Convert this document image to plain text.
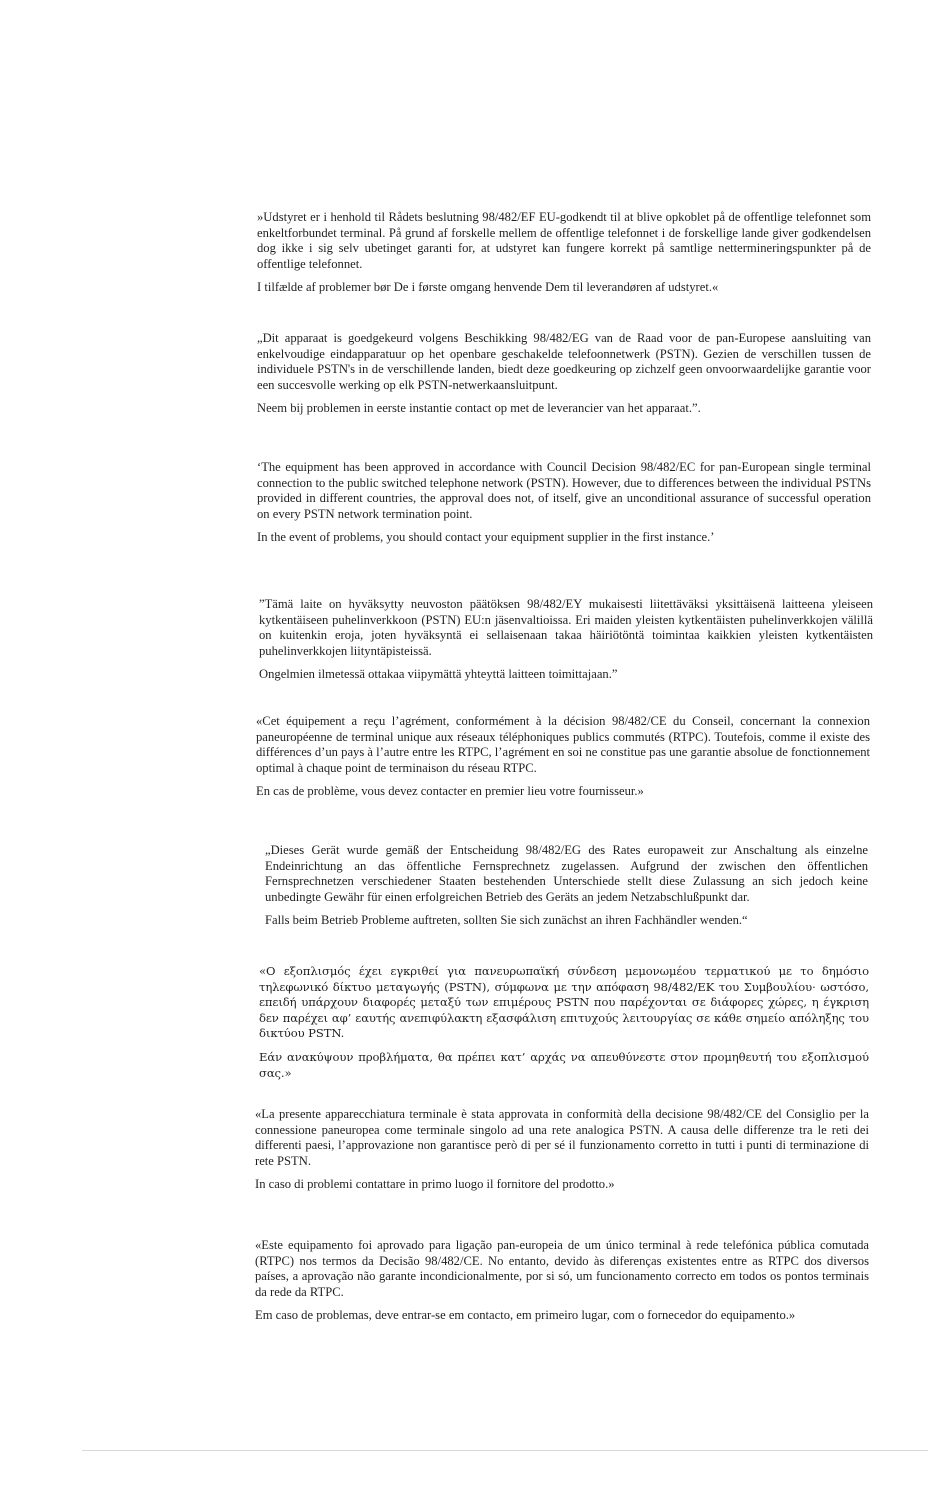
»Udstyret er i henhold til Rådets beslutning 98/482/EF EU-godkendt til at blive opkoblet på de offentlige telefonnet som enkeltforbundet terminal. På grund af forskelle mellem de offentlige telefonnet i de forskellige lande giver godkendelsen dog ikke i sig selv ubetinget garanti for, at udstyret kan fungere korrekt på samtlige nettermineringspunkter på de offentlige telefonnet.

I tilfælde af problemer bør De i første omgang henvende Dem til leverandøren af udstyret.«

„Dit apparaat is goedgekeurd volgens Beschikking 98/482/EG van de Raad voor de pan-Europese aansluiting van enkelvoudige eindapparatuur op het openbare geschakelde telefoonnetwerk (PSTN). Gezien de verschillen tussen de individuele PSTN's in de verschillende landen, biedt deze goedkeuring op zichzelf geen onvoorwaardelijke garantie voor een succesvolle werking op elk PSTN-netwerkaansluitpunt.

Neem bij problemen in eerste instantie contact op met de leverancier van het apparaat.”.

‘The equipment has been approved in accordance with Council Decision 98/482/EC for pan-European single terminal connection to the public switched telephone network (PSTN). However, due to differences between the individual PSTNs provided in different countries, the approval does not, of itself, give an unconditional assurance of successful operation on every PSTN network termination point.

In the event of problems, you should contact your equipment supplier in the first instance.’

”Tämä laite on hyväksytty neuvoston päätöksen 98/482/EY mukaisesti liitettäväksi yksittäisenä laitteena yleiseen kytkentäiseen puhelinverkkoon (PSTN) EU:n jäsenvaltioissa. Eri maiden yleisten kytkentäisten puhelinverkkojen välillä on kuitenkin eroja, joten hyväksyntä ei sellaisenaan takaa häiriötöntä toimintaa kaikkien yleisten kytkentäisten puhelinverkkojen liityntäpisteissä.

Ongelmien ilmetessä ottakaa viipymättä yhteyttä laitteen toimittajaan.”

«Cet équipement a reçu l’agrément, conformément à la décision 98/482/CE du Conseil, concernant la connexion paneuropéenne de terminal unique aux réseaux téléphoniques publics commutés (RTPC). Toutefois, comme il existe des différences d’un pays à l’autre entre les RTPC, l’agrément en soi ne constitue pas une garantie absolue de fonctionnement optimal à chaque point de terminaison du réseau RTPC.

En cas de problème, vous devez contacter en premier lieu votre fournisseur.»

„Dieses Gerät wurde gemäß der Entscheidung 98/482/EG des Rates europaweit zur Anschaltung als einzelne Endeinrichtung an das öffentliche Fernsprechnetz zugelassen. Aufgrund der zwischen den öffentlichen Fernsprechnetzen verschiedener Staaten bestehenden Unterschiede stellt diese Zulassung an sich jedoch keine unbedingte Gewähr für einen erfolgreichen Betrieb des Geräts an jedem Netzabschlußpunkt dar.

Falls beim Betrieb Probleme auftreten, sollten Sie sich zunächst an ihren Fachhändler wenden.“

«Ο εξοπλισμός έχει εγκριθεί για πανευρωπαϊκή σύνδεση μεμονωμέου τερματικού με το δημόσιο τηλεφωνικό δίκτυο μεταγωγής (PSTN), σύμφωνα με την απόφαση 98/482/ΕΚ του Συμβουλίου· ωστόσο, επειδή υπάρχουν διαφορές μεταξύ των επιμέρους PSTN που παρέχονται σε διάφορες χώρες, η έγκριση δεν παρέχει αφ’ εαυτής ανεπιφύλακτη εξασφάλιση επιτυχούς λειτουργίας σε κάθε σημείο απόληξης του δικτύου PSTN.

Εάν ανακύψουν προβλήματα, θα πρέπει κατ’ αρχάς να απευθύνεστε στον προμηθευτή του εξοπλισμού σας.»

«La presente apparecchiatura terminale è stata approvata in conformità della decisione 98/482/CE del Consiglio per la connessione paneuropea come terminale singolo ad una rete analogica PSTN. A causa delle differenze tra le reti dei differenti paesi, l’approvazione non garantisce però di per sé il funzionamento corretto in tutti i punti di terminazione di rete PSTN.

In caso di problemi contattare in primo luogo il fornitore del prodotto.»

«Este equipamento foi aprovado para ligação pan-europeia de um único terminal à rede telefónica pública comutada (RTPC) nos termos da Decisão 98/482/CE. No entanto, devido às diferenças existentes entre as RTPC dos diversos países, a aprovação não garante incondicionalmente, por si só, um funcionamento correcto em todos os pontos terminais da rede da RTPC.

Em caso de problemas, deve entrar-se em contacto, em primeiro lugar, com o fornecedor do equipamento.»
